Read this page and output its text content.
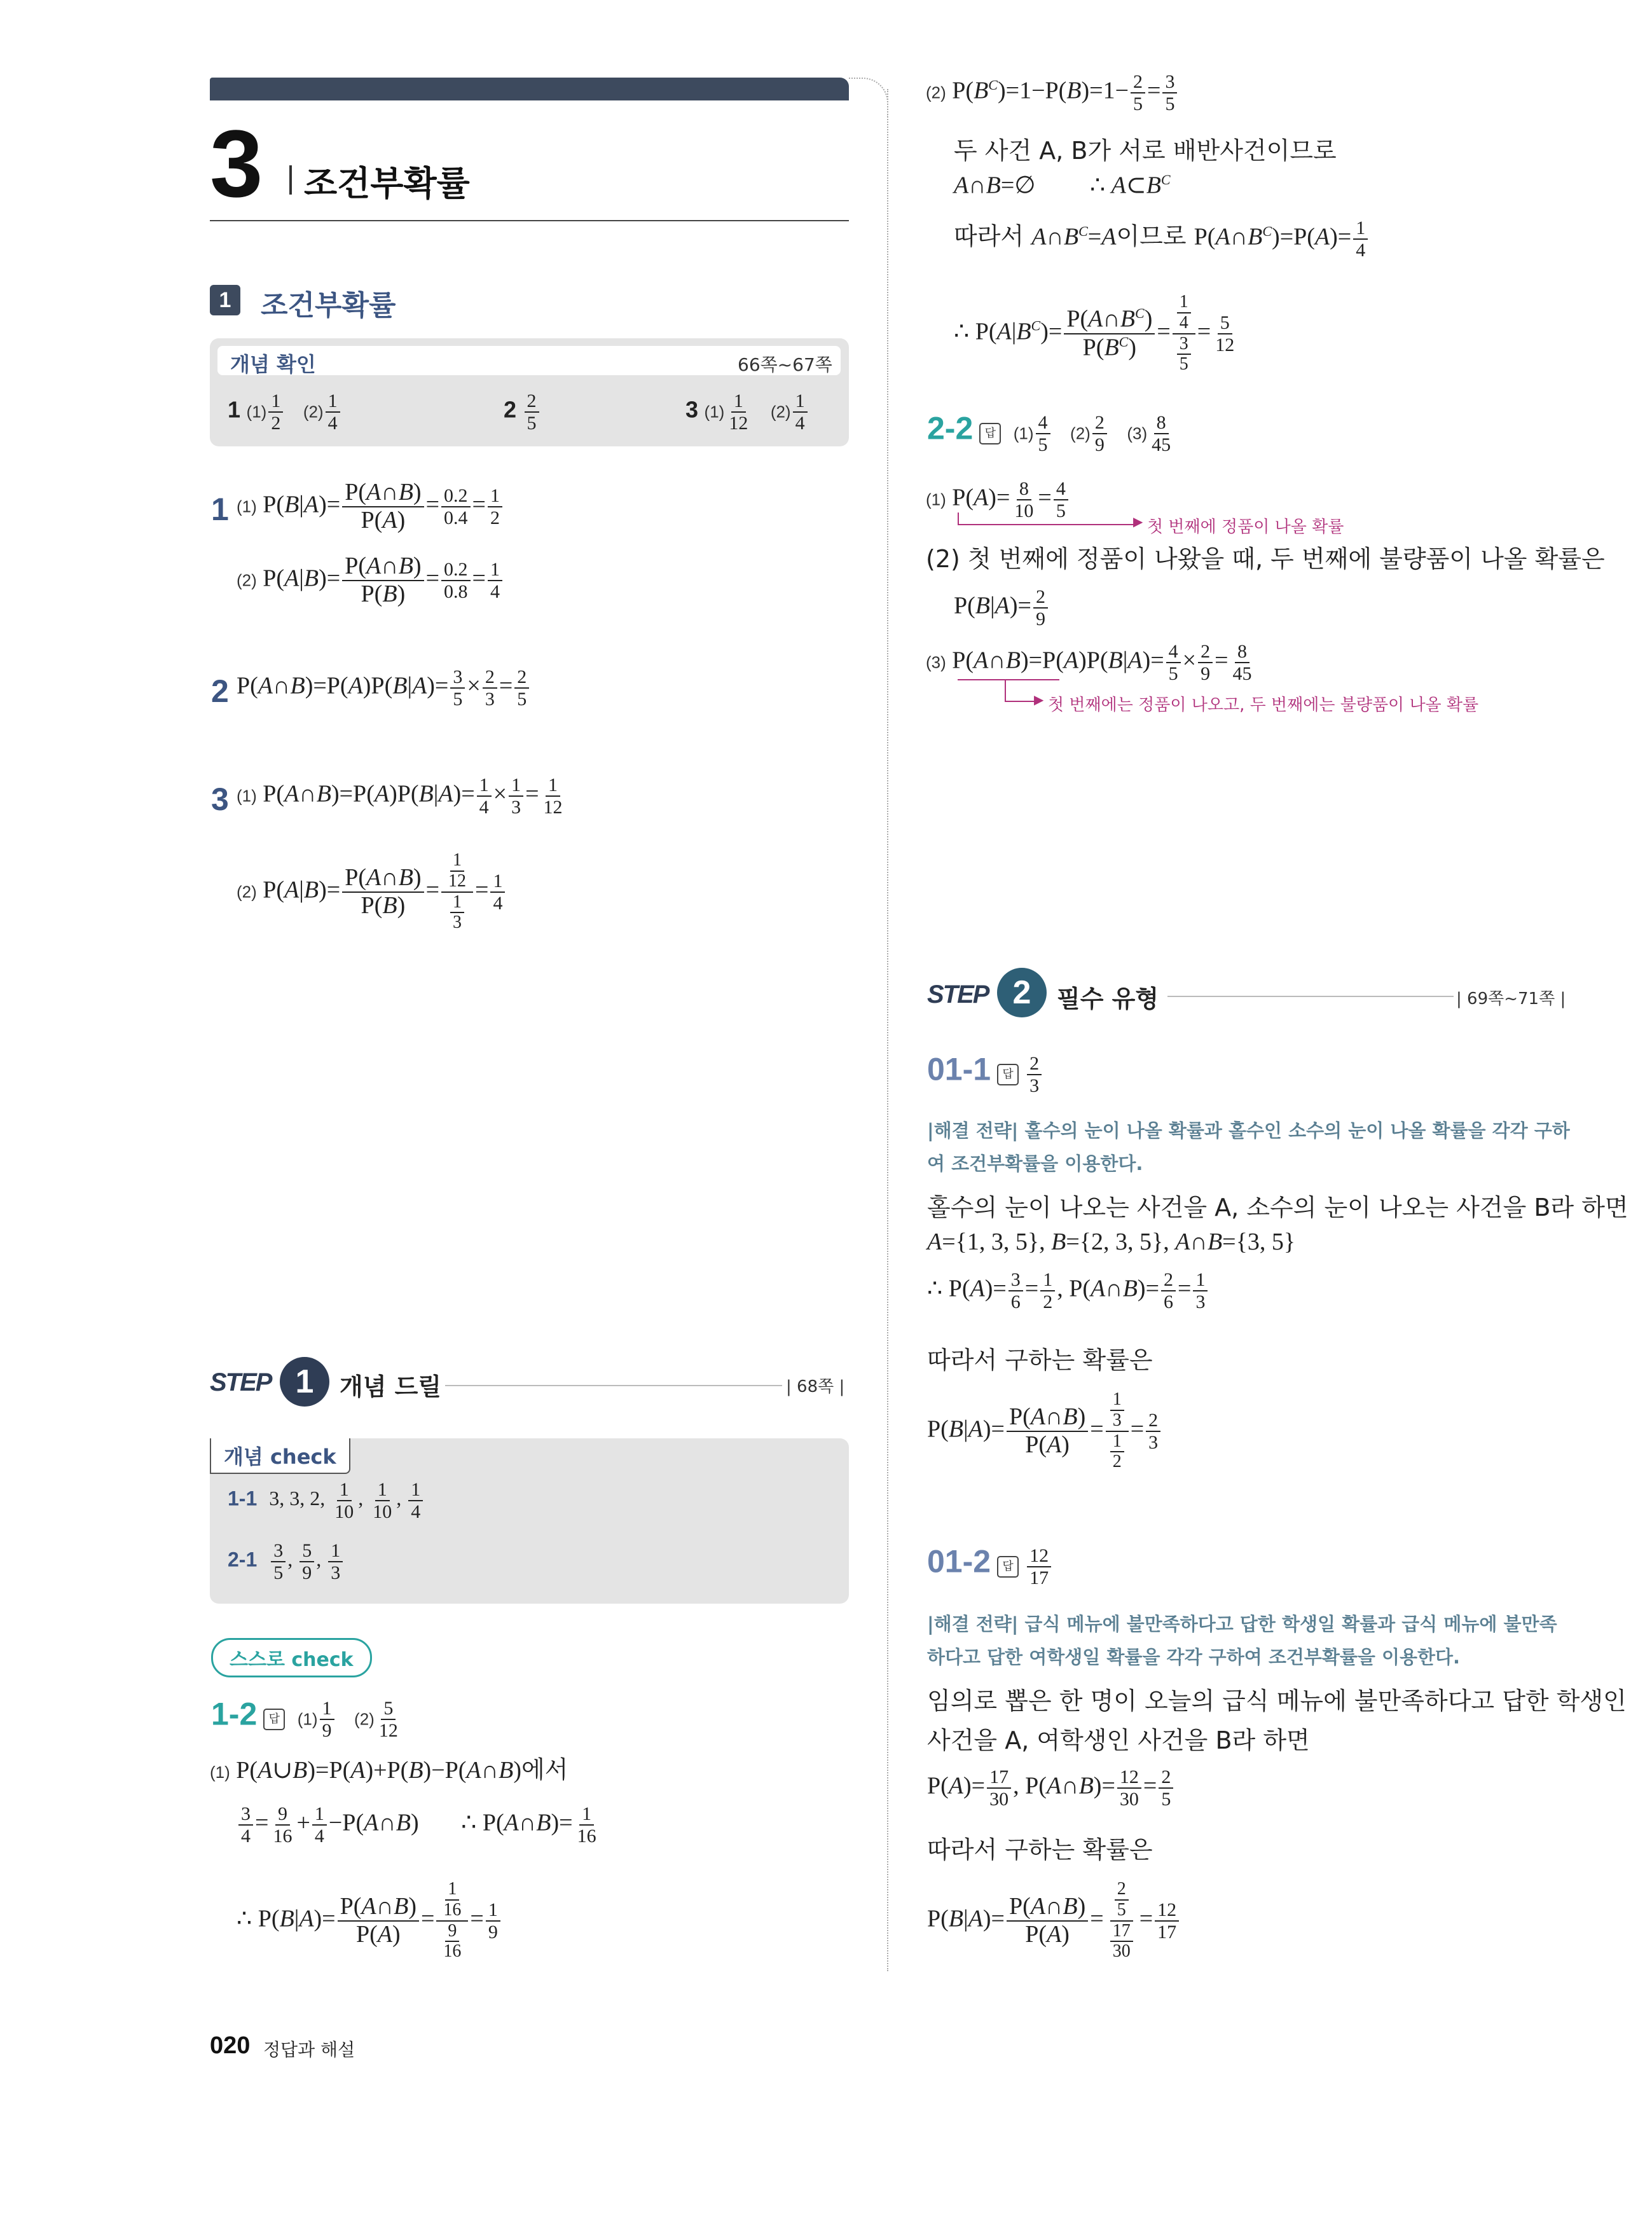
3 조건부확률
1	조건부확률
개념 확인	66쪽~67쪽
1 $(1) \frac{1}{2} (2) \frac{1}{4}$	$2 \frac{2}{5}$	3 $(1) \frac{1}{12} (2) \frac{1}{4}$
1 (1) $P(B|A)= \frac{P(A\cap B)}{P(A)} = \frac{0.2}{0.4} = \frac{1}{2}$
(2) $P(A|B)= \frac{P(A\cap B)}{P(B)} = \frac{0.2}{0.8} = \frac{1}{4}$
2 P(A∩B)=P(A)P(B|A)= $\frac{3}{5} \times \frac{2}{3} = \frac{2}{5}$
3 (1) P(A∩B)=P(A)P(B|A)= $\frac{1}{4} \times \frac{1}{3} = \frac{1}{12}$
(2) $P(A|B)= \frac{P(A\cap B)}{P(B)} = \frac{\frac{1}{12}}{\frac{1}{3}} = \frac{1}{4}$
STEP 1	개념 드릴	| 68쪽 |
개념 check
1-1 3, 3, 2, $\frac{1}{10}$ , $\frac{1}{10}$ , $\frac{1}{4}$
$2-1 \frac{3}{5}$ , $\frac{5}{9}$ , $\frac{1}{3}$
스스로 check
1-2 답 $(1) \frac{1}{9} (2) \frac{5}{12}$
(1) P(A∪B)=P(A)+P(B)−P(A∩B)에서
$\frac{3}{4} = \frac{9}{16} + \frac{1}{4}$ −P(A∩B)       ∴ P(A∩B)= $\frac{1}{16}$
∴ $P(B|A)= \frac{P(A\cap B)}{P(A)} = \frac{\frac{1}{16}}{\frac{9}{16}} = \frac{1}{9}$
020 정답과 해설
(2) $P(B^C)=1-P(B)=1- \frac{2}{5} = \frac{3}{5}$
두 사건 A, B가 서로 배반사건이므로
A∩B=∅         ∴ $A\subset B^C$
따라서 $A\cap B^C=A$이므로 $P(A\cap B^C)=P(A)= \frac{1}{4}$
∴ $P(A|B^C)= \frac{P(A\cap B^C)}{P(B^C)} = \frac{\frac{1}{4}}{\frac{3}{5}} = \frac{5}{12}$
2-2 답 $(1) \frac{4}{5} (2) \frac{2}{9} (3) \frac{8}{45}$
(1) $P(A)= \frac{8}{10} = \frac{4}{5}$	▶ 첫 번째에 정품이 나올 확률
(2) 첫 번째에 정품이 나왔을 때, 두 번째에 불량품이 나올 확률은
$P(B|A)= \frac{2}{9}$
(3) P(A∩B)=P(A)P(B|A)= $\frac{4}{5} \times \frac{2}{9} = \frac{8}{45}$
▶ 첫 번째에는 정품이 나오고, 두 번째에는 불량품이 나올 확률
STEP 2	필수 유형	| 69쪽~71쪽 |
01-1 답 $\frac{2}{3}$
|해결 전략| 홀수의 눈이 나올 확률과 홀수인 소수의 눈이 나올 확률을 각각 구하
여 조건부확률을 이용한다.
홀수의 눈이 나오는 사건을 A, 소수의 눈이 나오는 사건을 B라 하면
A={1, 3, 5}, B={2, 3, 5}, A∩B={3, 5}
∴ $P(A)= \frac{3}{6} = \frac{1}{2}$ , P(A∩B)= $\frac{2}{6} = \frac{1}{3}$
따라서 구하는 확률은
$P(B|A)= \frac{P(A\cap B)}{P(A)} = \frac{\frac{1}{3}}{\frac{1}{2}} = \frac{2}{3}$
01-2 답 $\frac{12}{17}$
|해결 전략| 급식 메뉴에 불만족하다고 답한 학생일 확률과 급식 메뉴에 불만족
하다고 답한 여학생일 확률을 각각 구하여 조건부확률을 이용한다.
임의로 뽑은 한 명이 오늘의 급식 메뉴에 불만족하다고 답한 학생인
사건을 A, 여학생인 사건을 B라 하면
$P(A)= \frac{17}{30}$ , P(A∩B)= $\frac{12}{30} = \frac{2}{5}$
따라서 구하는 확률은
$P(B|A)= \frac{P(A\cap B)}{P(A)} = \frac{\frac{2}{5}}{\frac{17}{30}} = \frac{12}{17}$
